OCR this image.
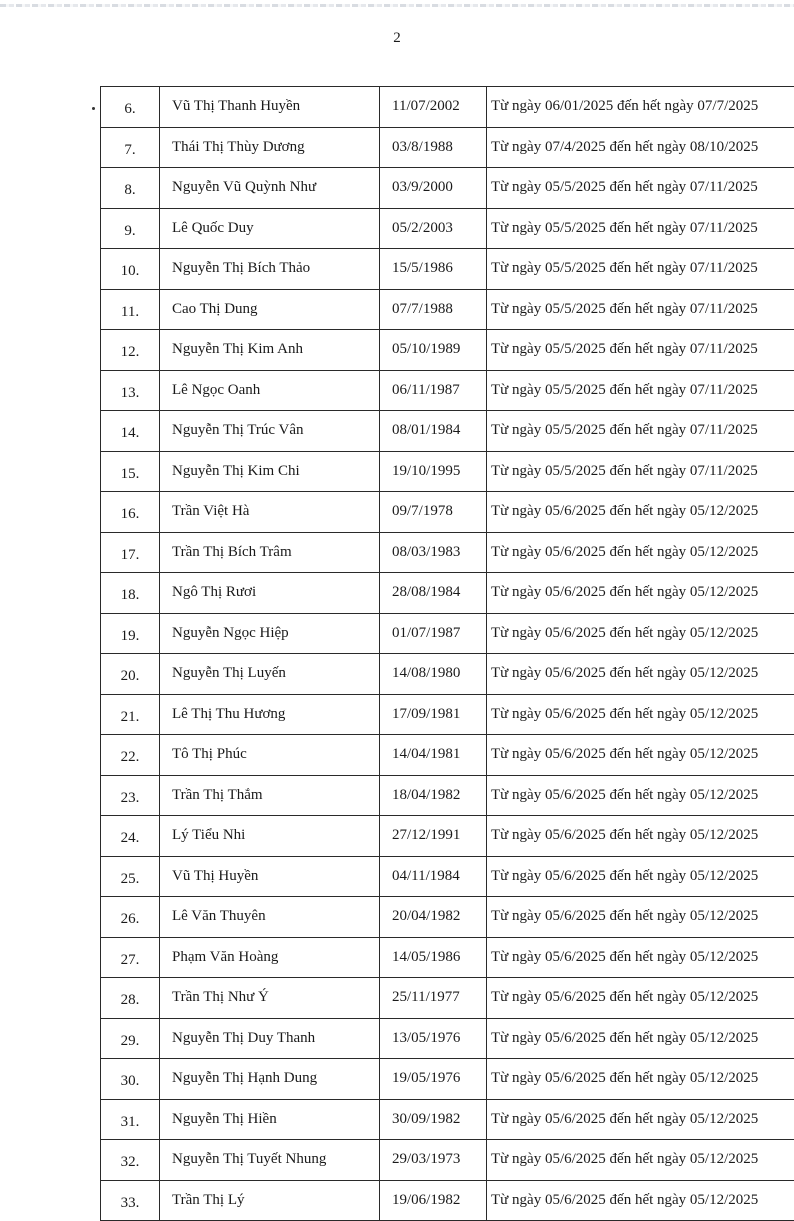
2
6.	Vũ Thị Thanh Huyền	11/07/2002	Từ ngày 06/01/2025 đến hết ngày 07/7/2025
7.	Thái Thị Thùy Dương	03/8/1988	Từ ngày 07/4/2025 đến hết ngày 08/10/2025
8.	Nguyễn Vũ Quỳnh Như	03/9/2000	Từ ngày 05/5/2025 đến hết ngày 07/11/2025
9.	Lê Quốc Duy	05/2/2003	Từ ngày 05/5/2025 đến hết ngày 07/11/2025
10.	Nguyễn Thị Bích Thảo	15/5/1986	Từ ngày 05/5/2025 đến hết ngày 07/11/2025
11.	Cao Thị Dung	07/7/1988	Từ ngày 05/5/2025 đến hết ngày 07/11/2025
12.	Nguyễn Thị Kim Anh	05/10/1989	Từ ngày 05/5/2025 đến hết ngày 07/11/2025
13.	Lê Ngọc Oanh	06/11/1987	Từ ngày 05/5/2025 đến hết ngày 07/11/2025
14.	Nguyễn Thị Trúc Vân	08/01/1984	Từ ngày 05/5/2025 đến hết ngày 07/11/2025
15.	Nguyễn Thị Kim Chi	19/10/1995	Từ ngày 05/5/2025 đến hết ngày 07/11/2025
16.	Trần Việt Hà	09/7/1978	Từ ngày 05/6/2025 đến hết ngày 05/12/2025
17.	Trần Thị Bích Trâm	08/03/1983	Từ ngày 05/6/2025 đến hết ngày 05/12/2025
18.	Ngô Thị Rươi	28/08/1984	Từ ngày 05/6/2025 đến hết ngày 05/12/2025
19.	Nguyễn Ngọc Hiệp	01/07/1987	Từ ngày 05/6/2025 đến hết ngày 05/12/2025
20.	Nguyễn Thị Luyến	14/08/1980	Từ ngày 05/6/2025 đến hết ngày 05/12/2025
21.	Lê Thị Thu Hương	17/09/1981	Từ ngày 05/6/2025 đến hết ngày 05/12/2025
22.	Tô Thị Phúc	14/04/1981	Từ ngày 05/6/2025 đến hết ngày 05/12/2025
23.	Trần Thị Thắm	18/04/1982	Từ ngày 05/6/2025 đến hết ngày 05/12/2025
24.	Lý Tiểu Nhi	27/12/1991	Từ ngày 05/6/2025 đến hết ngày 05/12/2025
25.	Vũ Thị Huyền	04/11/1984	Từ ngày 05/6/2025 đến hết ngày 05/12/2025
26.	Lê Văn Thuyên	20/04/1982	Từ ngày 05/6/2025 đến hết ngày 05/12/2025
27.	Phạm Văn Hoàng	14/05/1986	Từ ngày 05/6/2025 đến hết ngày 05/12/2025
28.	Trần Thị Như Ý	25/11/1977	Từ ngày 05/6/2025 đến hết ngày 05/12/2025
29.	Nguyễn Thị Duy Thanh	13/05/1976	Từ ngày 05/6/2025 đến hết ngày 05/12/2025
30.	Nguyễn Thị Hạnh Dung	19/05/1976	Từ ngày 05/6/2025 đến hết ngày 05/12/2025
31.	Nguyễn Thị Hiền	30/09/1982	Từ ngày 05/6/2025 đến hết ngày 05/12/2025
32.	Nguyễn Thị Tuyết Nhung	29/03/1973	Từ ngày 05/6/2025 đến hết ngày 05/12/2025
33.	Trần Thị Lý	19/06/1982	Từ ngày 05/6/2025 đến hết ngày 05/12/2025
